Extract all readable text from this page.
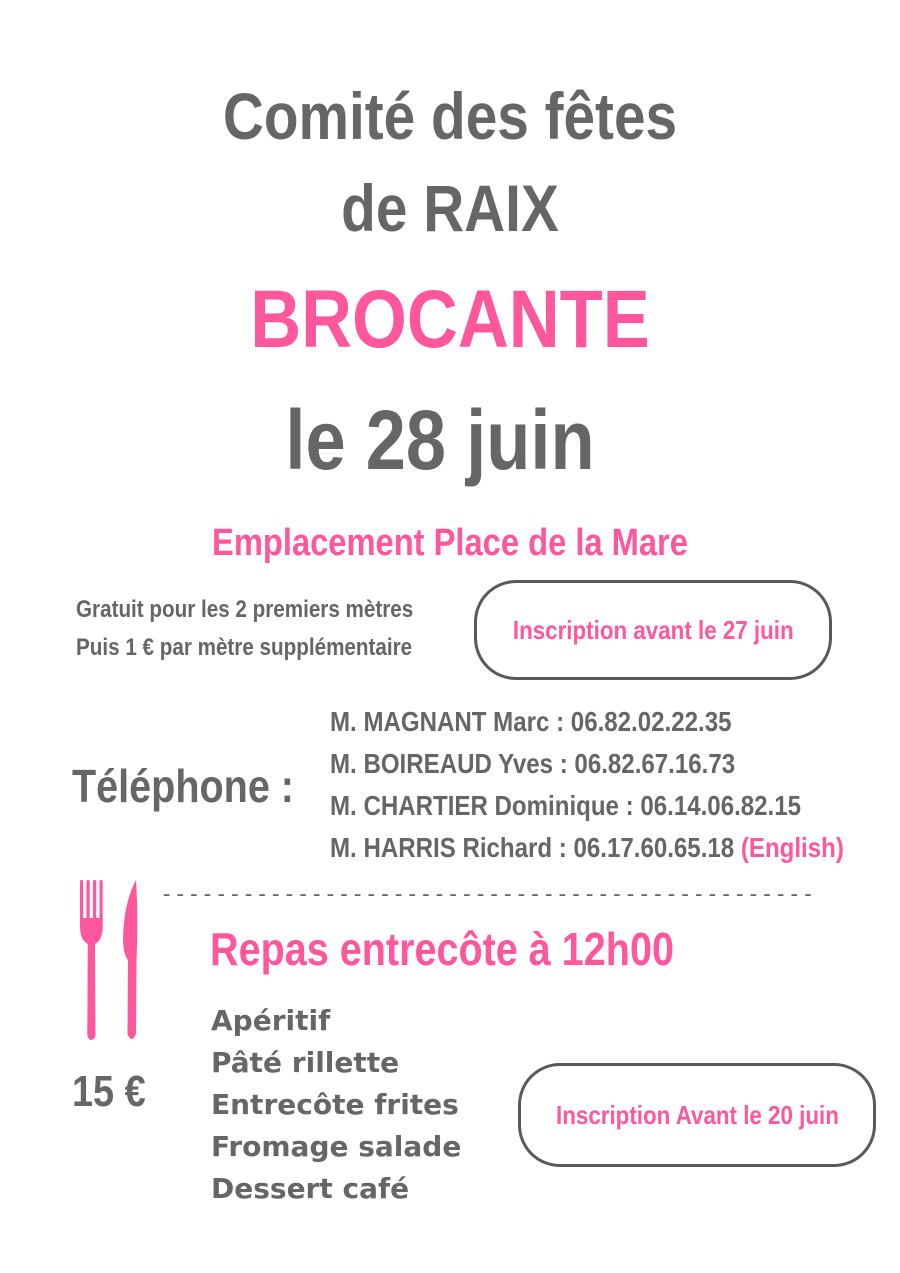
Comité des fêtes
de RAIX
BROCANTE
le 28 juin
Emplacement Place de la Mare
Gratuit pour les 2 premiers mètres
Puis 1 € par mètre supplémentaire
Inscription avant le 27 juin
Téléphone :
M. MAGNANT Marc : 06.82.02.22.35
M. BOIREAUD Yves : 06.82.67.16.73
M. CHARTIER Dominique : 06.14.06.82.15
M. HARRIS Richard : 06.17.60.65.18 (English)
------------------------------------------------
Repas entrecôte à 12h00
15 €
Apéritif
Pâté rillette
Entrecôte frites
Fromage salade
Dessert café
Inscription Avant le 20 juin
